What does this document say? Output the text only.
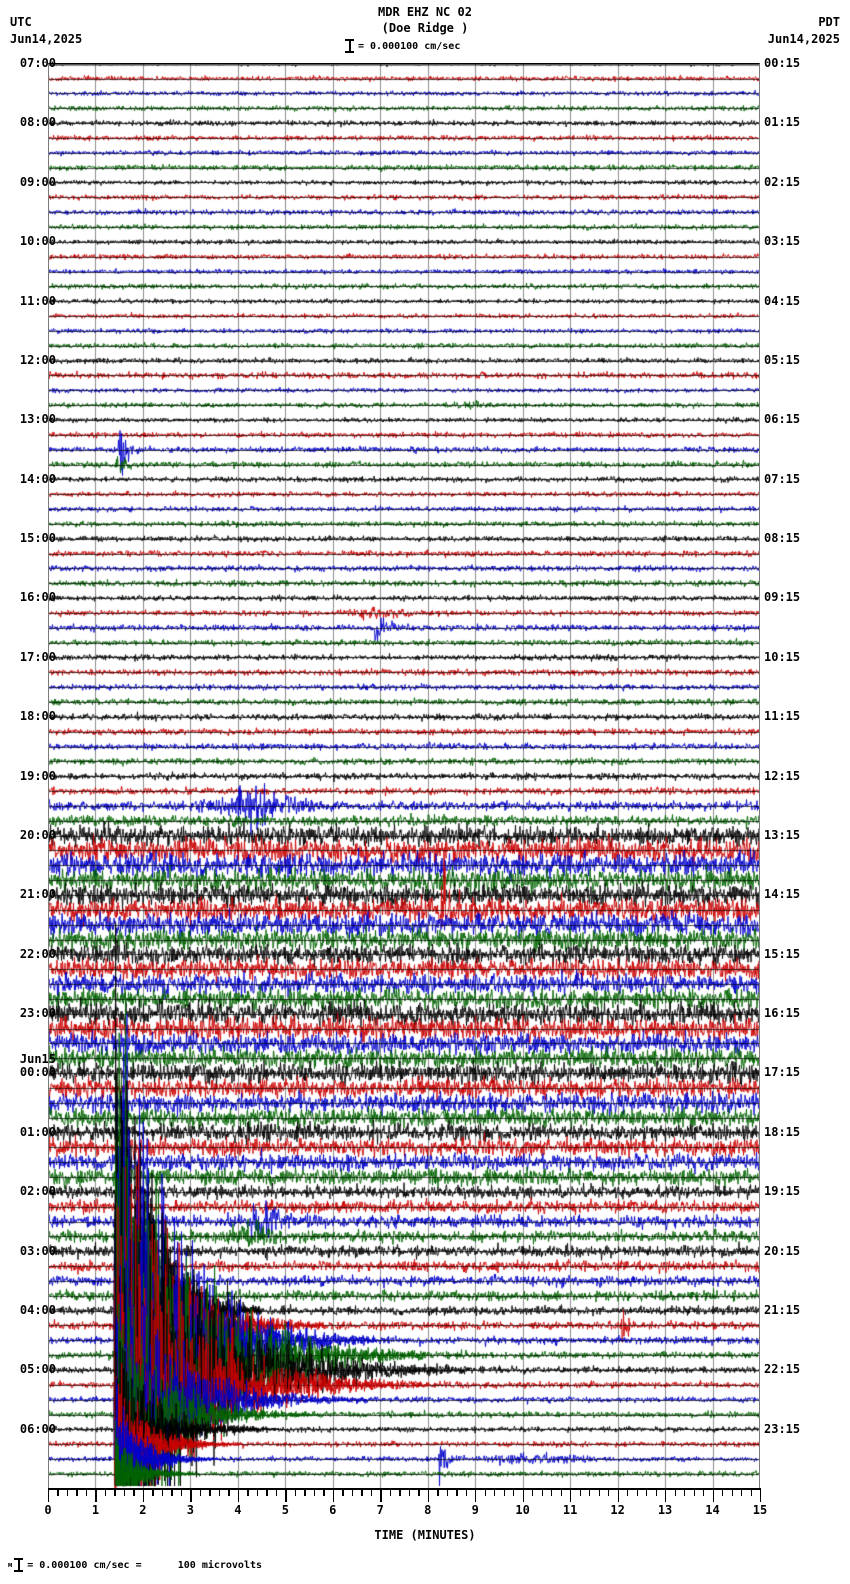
UTC
Jun14,2025
MDR EHZ NC 02
(Doe Ridge )
= 0.000100 cm/sec
PDT
Jun14,2025
07:00
08:00
09:00
10:00
11:00
12:00
13:00
14:00
15:00
16:00
17:00
18:00
19:00
20:00
21:00
22:00
23:00
Jun15
00:00
01:00
02:00
03:00
04:00
05:00
06:00
00:15
01:15
02:15
03:15
04:15
05:15
06:15
07:15
08:15
09:15
10:15
11:15
12:15
13:15
14:15
15:15
16:15
17:15
18:15
19:15
20:15
21:15
22:15
23:15
0	1	2	3	4	5	6	7	8	9	10	11	12	13	14	15
TIME (MINUTES)
м = 0.000100 cm/sec =      100 microvolts
